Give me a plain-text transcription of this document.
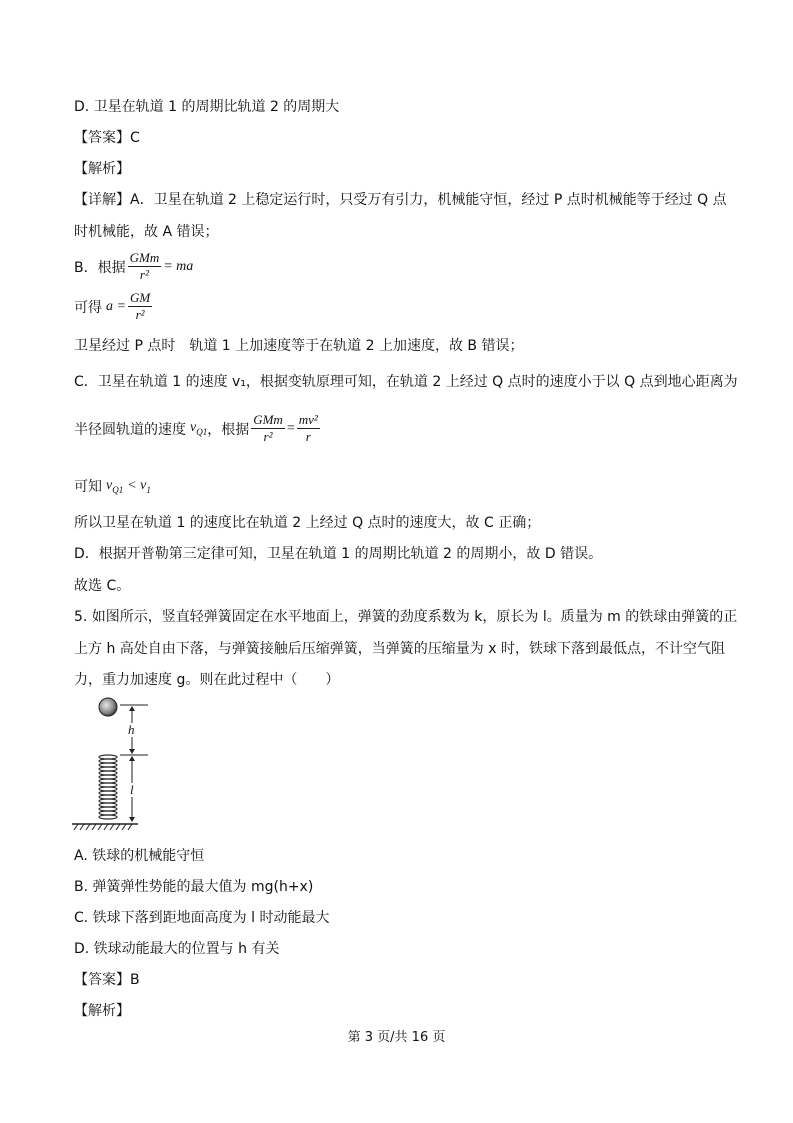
D. 卫星在轨道 1 的周期比轨道 2 的周期大
【答案】C
【解析】
【详解】A．卫星在轨道 2 上稳定运行时，只受万有引力，机械能守恒，经过 P 点时机械能等于经过 Q 点
时机械能，故 A 错误；
B．根据 $\frac{\text{GMm}}{\text{r²}}$ = ma
可得 $a = \frac{GM}{\text{r²}}$
卫星经过 P 点时　轨道 1 上加速度等于在轨道 2 上加速度，故 B 错误；
C．卫星在轨道 1 的速度 v₁，根据变轨原理可知，在轨道 2 上经过 Q 点时的速度小于以 Q 点到地心距离为
半径圆轨道的速度 $v_{Q1}$ ，根据 $\frac{\text{GMm}}{\text{r²}} = \frac{\text{mv²}}{r}$
可知 $v_{Q1} < v_1$
所以卫星在轨道 1 的速度比在轨道 2 上经过 Q 点时的速度大，故 C 正确；
D．根据开普勒第三定律可知，卫星在轨道 1 的周期比轨道 2 的周期小，故 D 错误。
故选 C。
5. 如图所示，竖直轻弹簧固定在水平地面上，弹簧的劲度系数为 k，原长为 l。质量为 m 的铁球由弹簧的正
上方 h 高处自由下落，与弹簧接触后压缩弹簧，当弹簧的压缩量为 x 时，铁球下落到最低点，不计空气阻
力，重力加速度 g。则在此过程中（　　）
h
l
A. 铁球的机械能守恒
B. 弹簧弹性势能的最大值为 mg(h+x)
C. 铁球下落到距地面高度为 l 时动能最大
D. 铁球动能最大的位置与 h 有关
【答案】B
【解析】
第 3 页/共 16 页
